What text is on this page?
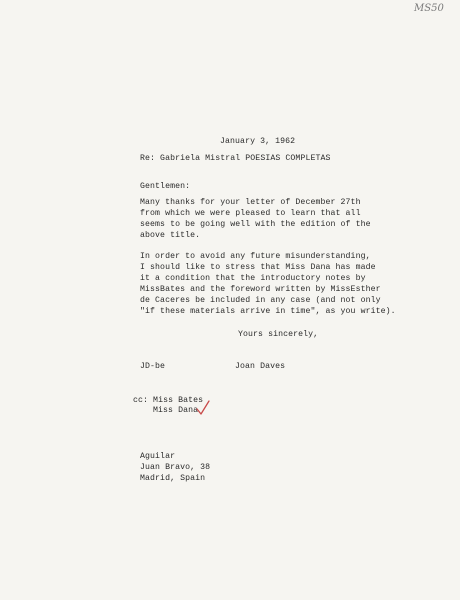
MS50
January 3, 1962
Re: Gabriela Mistral POESIAS COMPLETAS
Gentlemen:
Many thanks for your letter of December 27th
from which we were pleased to learn that all
seems to be going well with the edition of the
above title.
In order to avoid any future misunderstanding,
I should like to stress that Miss Dana has made
it a condition that the introductory notes by
MissBates and the foreword written by MissEsther
de Caceres be included in any case (and not only
"if these materials arrive in time", as you write).
Yours sincerely,
JD-be	Joan Daves
cc: Miss Bates
Miss Dana
Aguilar
Juan Bravo, 38
Madrid, Spain
